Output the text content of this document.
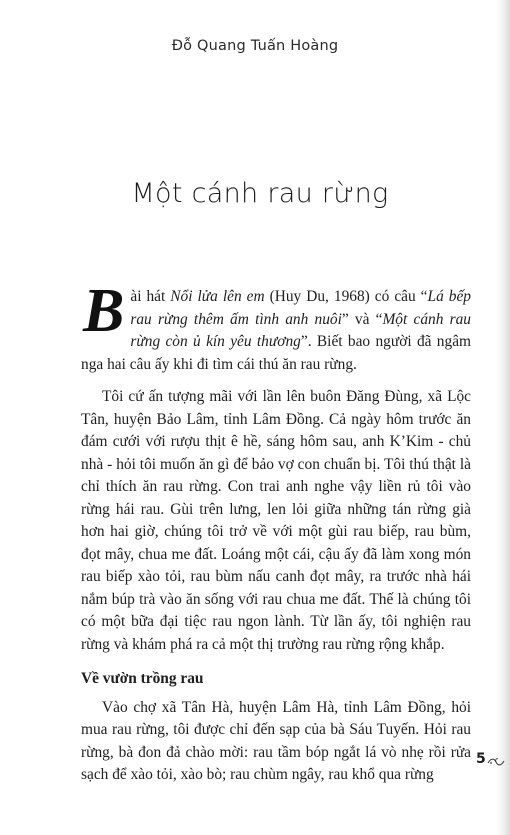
Đỗ Quang Tuấn Hoàng
Một cánh rau rừng

Bài hát Nổi lửa lên em (Huy Du, 1968) có câu “Lá bếp rau rừng thêm ấm tình anh nuôi” và “Một cánh rau rừng còn ủ kín yêu thương”. Biết bao người đã ngâm nga hai câu ấy khi đi tìm cái thú ăn rau rừng.

Tôi cứ ấn tượng mãi với lần lên buôn Đăng Đùng, xã Lộc Tân, huyện Bảo Lâm, tỉnh Lâm Đồng. Cả ngày hôm trước ăn đám cưới với rượu thịt ê hề, sáng hôm sau, anh K’Kim - chủ nhà - hỏi tôi muốn ăn gì để bảo vợ con chuẩn bị. Tôi thú thật là chỉ thích ăn rau rừng. Con trai anh nghe vậy liền rủ tôi vào rừng hái rau. Gùi trên lưng, len lỏi giữa những tán rừng già hơn hai giờ, chúng tôi trở về với một gùi rau biếp, rau bùm, đọt mây, chua me đất. Loáng một cái, cậu ấy đã làm xong món rau biếp xào tỏi, rau bùm nấu canh đọt mây, ra trước nhà hái nắm búp trà vào ăn sống với rau chua me đất. Thế là chúng tôi có một bữa đại tiệc rau ngon lành. Từ lần ấy, tôi nghiện rau rừng và khám phá ra cả một thị trường rau rừng rộng khắp.

Về vườn trồng rau

Vào chợ xã Tân Hà, huyện Lâm Hà, tỉnh Lâm Đồng, hỏi mua rau rừng, tôi được chỉ đến sạp của bà Sáu Tuyến. Hỏi rau rừng, bà đon đả chào mời: rau tầm bóp ngắt lá vò nhẹ rồi rửa sạch để xào tỏi, xào bò; rau chùm ngây, rau khổ qua rừng

5
